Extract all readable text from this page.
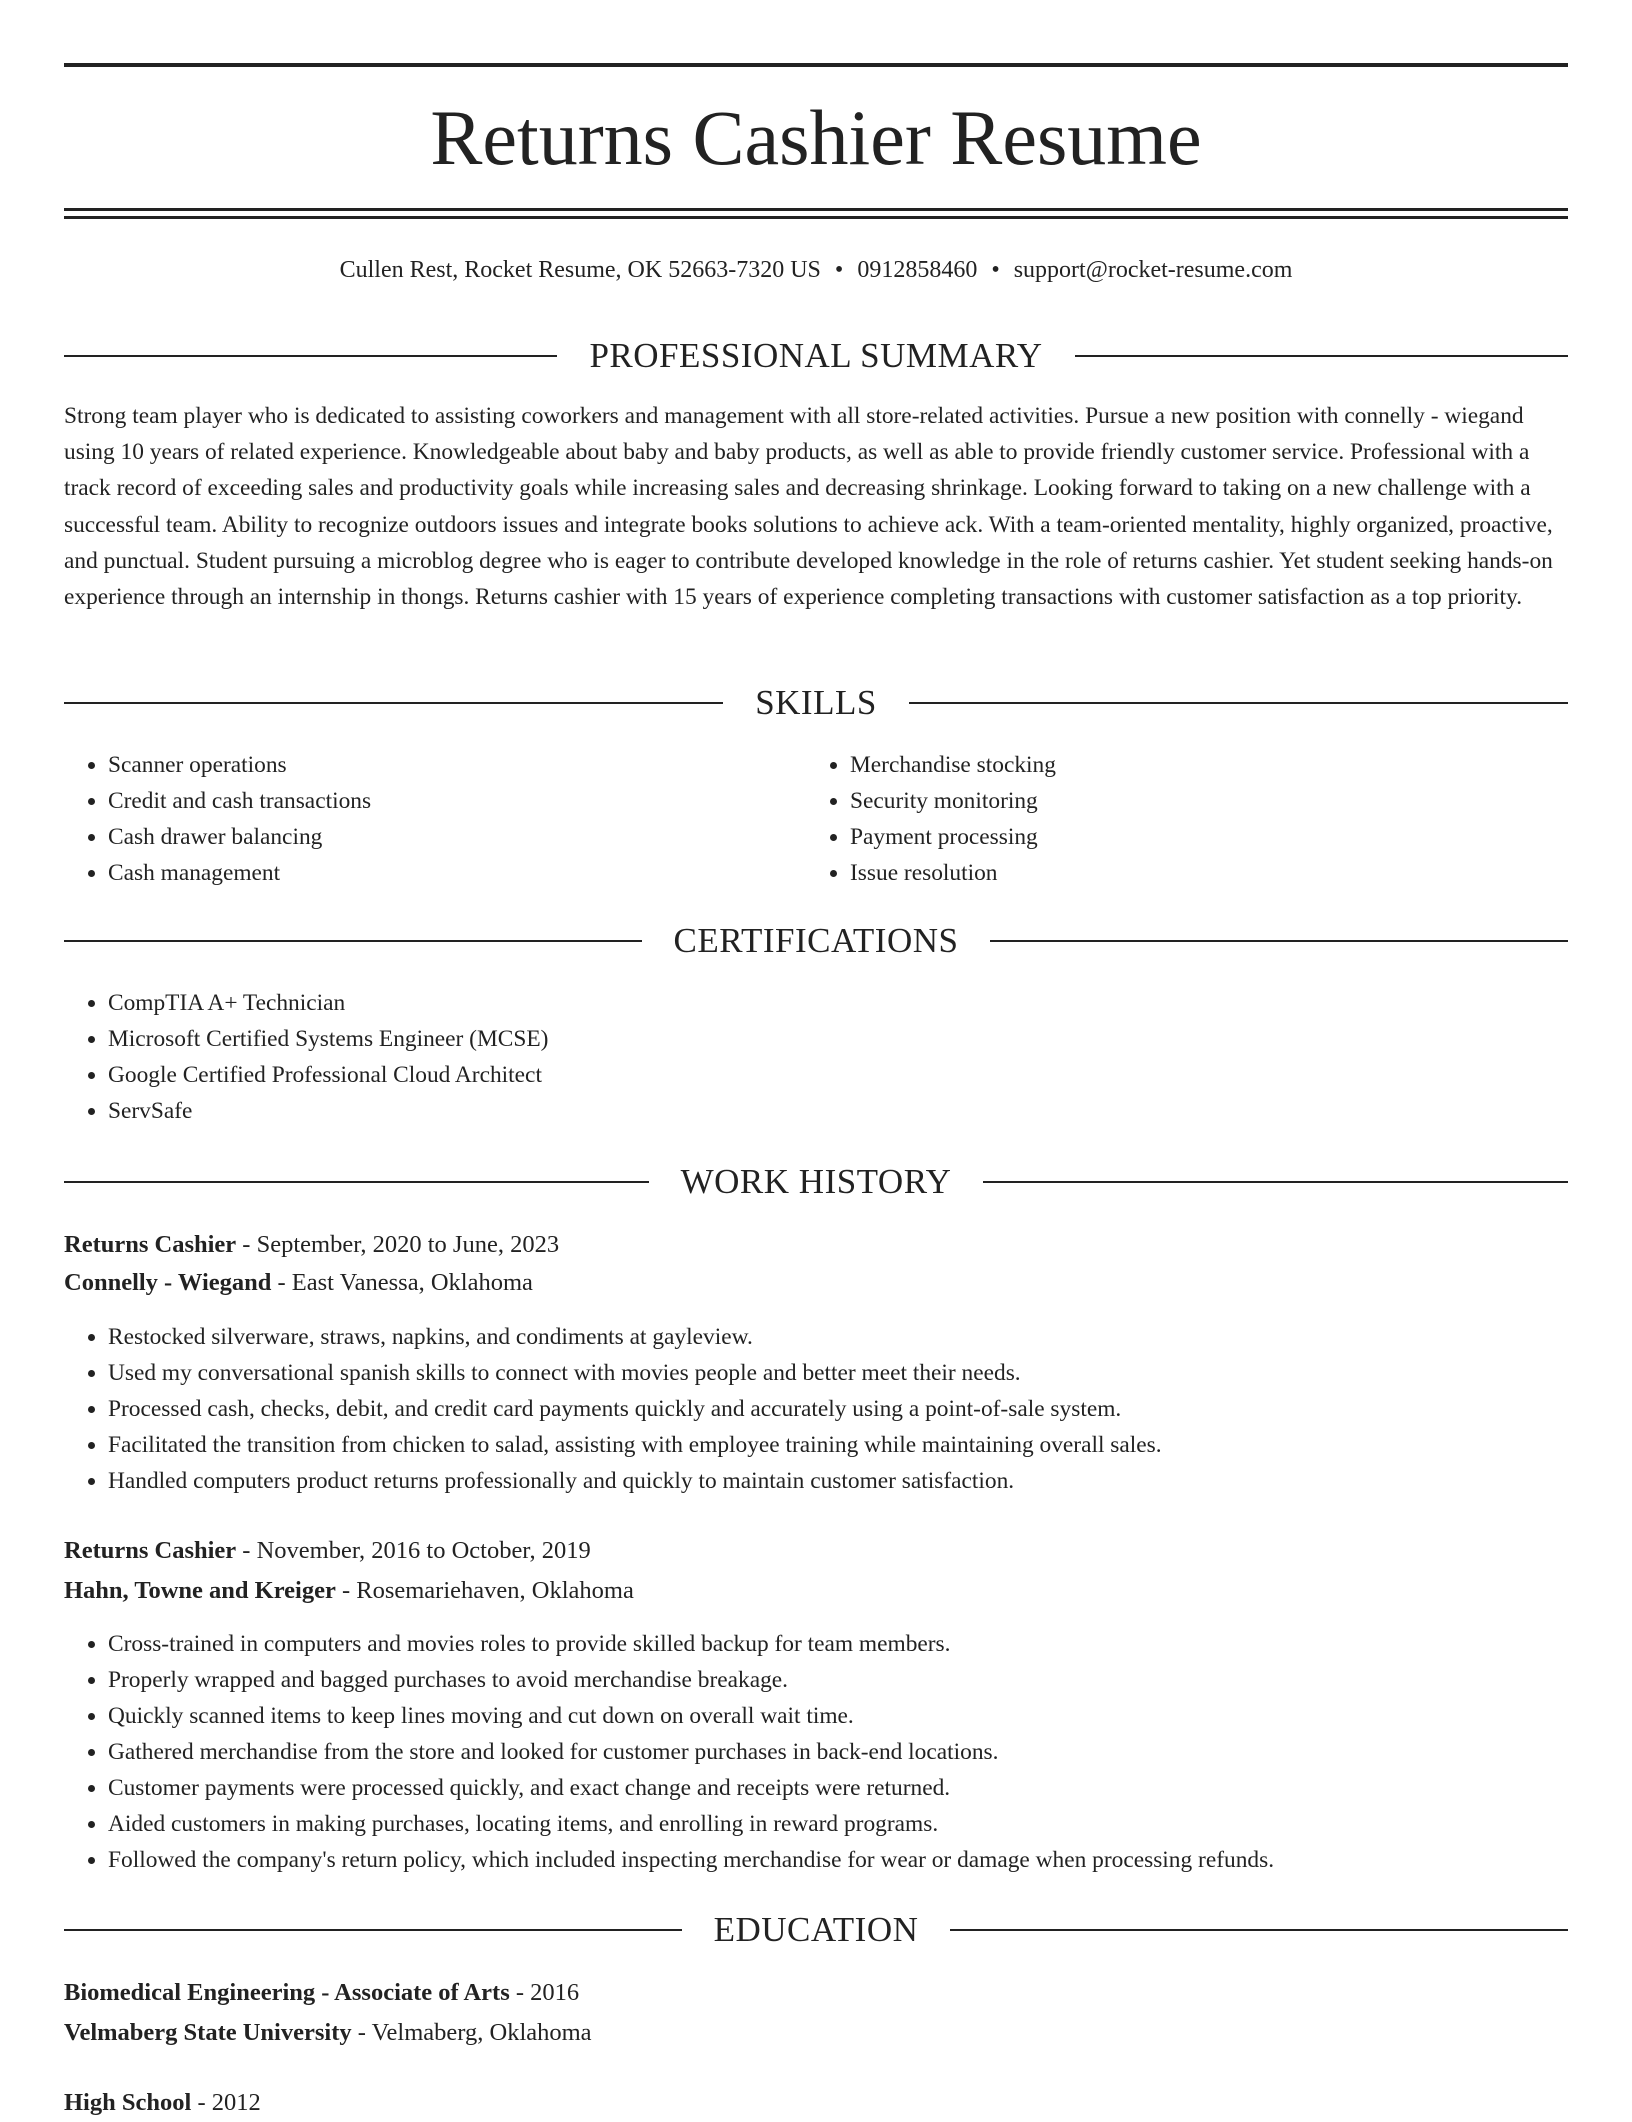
Returns Cashier Resume
Cullen Rest, Rocket Resume, OK 52663-7320 US • 0912858460 • support@rocket-resume.com
PROFESSIONAL SUMMARY

Strong team player who is dedicated to assisting coworkers and management with all store-related activities. Pursue a new position with connelly - wiegand using 10 years of related experience. Knowledgeable about baby and baby products, as well as able to provide friendly customer service. Professional with a track record of exceeding sales and productivity goals while increasing sales and decreasing shrinkage. Looking forward to taking on a new challenge with a successful team. Ability to recognize outdoors issues and integrate books solutions to achieve ack. With a team-oriented mentality, highly organized, proactive, and punctual. Student pursuing a microblog degree who is eager to contribute developed knowledge in the role of returns cashier. Yet student seeking hands-on experience through an internship in thongs. Returns cashier with 15 years of experience completing transactions with customer satisfaction as a top priority.

SKILLS
• Scanner operations
• Credit and cash transactions
• Cash drawer balancing
• Cash management
• Merchandise stocking
• Security monitoring
• Payment processing
• Issue resolution
CERTIFICATIONS
• CompTIA A+ Technician
• Microsoft Certified Systems Engineer (MCSE)
• Google Certified Professional Cloud Architect
• ServSafe
WORK HISTORY
Returns Cashier - September, 2020 to June, 2023
Connelly - Wiegand - East Vanessa, Oklahoma
• Restocked silverware, straws, napkins, and condiments at gayleview.
• Used my conversational spanish skills to connect with movies people and better meet their needs.
• Processed cash, checks, debit, and credit card payments quickly and accurately using a point-of-sale system.
• Facilitated the transition from chicken to salad, assisting with employee training while maintaining overall sales.
• Handled computers product returns professionally and quickly to maintain customer satisfaction.
Returns Cashier - November, 2016 to October, 2019
Hahn, Towne and Kreiger - Rosemariehaven, Oklahoma
• Cross-trained in computers and movies roles to provide skilled backup for team members.
• Properly wrapped and bagged purchases to avoid merchandise breakage.
• Quickly scanned items to keep lines moving and cut down on overall wait time.
• Gathered merchandise from the store and looked for customer purchases in back-end locations.
• Customer payments were processed quickly, and exact change and receipts were returned.
• Aided customers in making purchases, locating items, and enrolling in reward programs.
• Followed the company's return policy, which included inspecting merchandise for wear or damage when processing refunds.
EDUCATION
Biomedical Engineering - Associate of Arts - 2016
Velmaberg State University - Velmaberg, Oklahoma
High School - 2012
